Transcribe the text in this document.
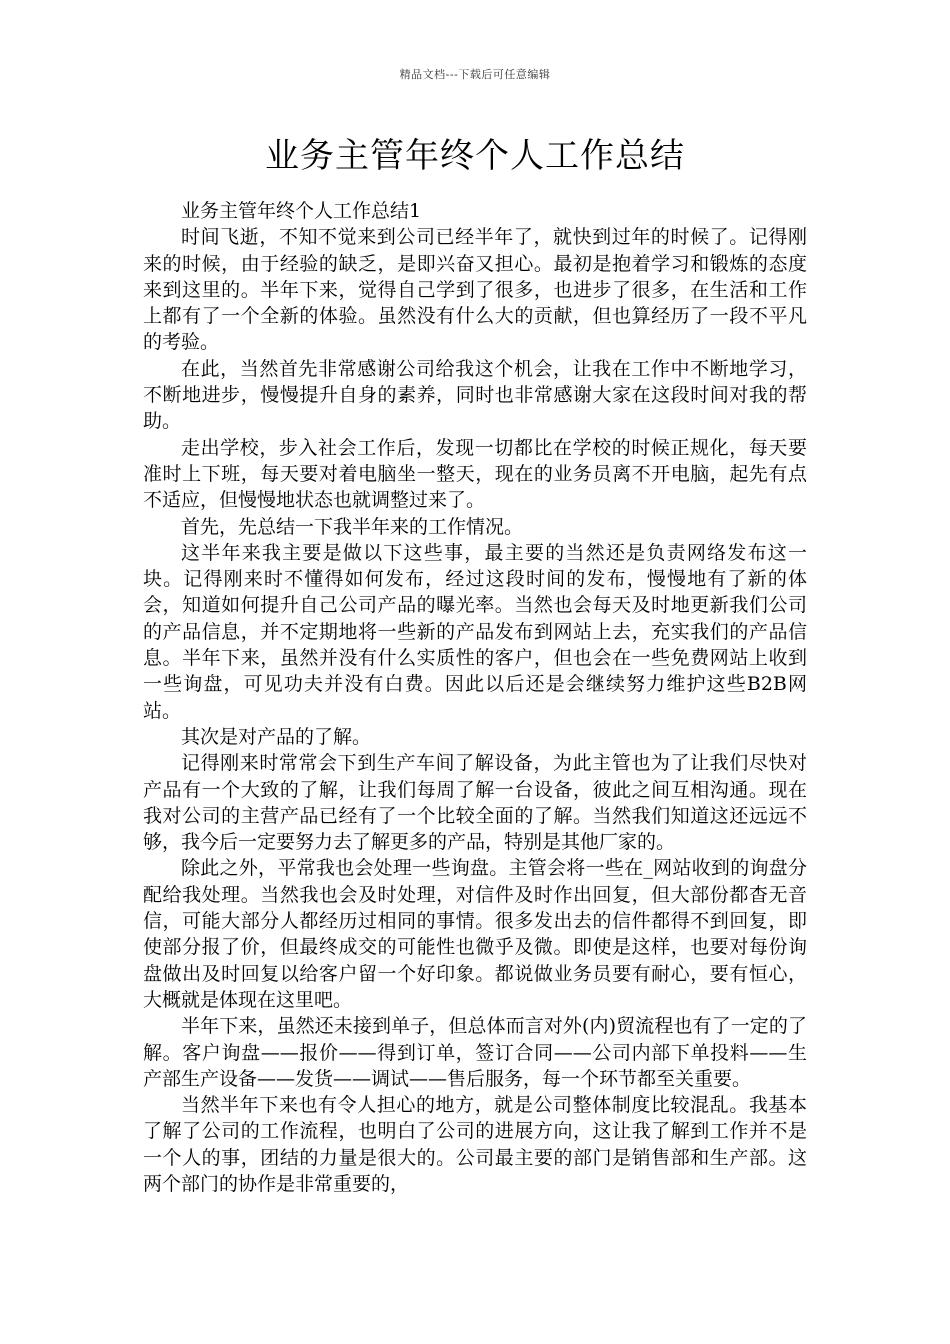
精品文档---下载后可任意编辑
业务主管年终个人工作总结

业务主管年终个人工作总结1

时间飞逝，不知不觉来到公司已经半年了，就快到过年的时候了。记得刚来的时候，由于经验的缺乏，是即兴奋又担心。最初是抱着学习和锻炼的态度来到这里的。半年下来，觉得自己学到了很多，也进步了很多，在生活和工作上都有了一个全新的体验。虽然没有什么大的贡献，但也算经历了一段不平凡的考验。

在此，当然首先非常感谢公司给我这个机会，让我在工作中不断地学习，不断地进步，慢慢提升自身的素养，同时也非常感谢大家在这段时间对我的帮助。

走出学校，步入社会工作后，发现一切都比在学校的时候正规化，每天要准时上下班，每天要对着电脑坐一整天，现在的业务员离不开电脑，起先有点不适应，但慢慢地状态也就调整过来了。

首先，先总结一下我半年来的工作情况。

这半年来我主要是做以下这些事，最主要的当然还是负责网络发布这一块。记得刚来时不懂得如何发布，经过这段时间的发布，慢慢地有了新的体会，知道如何提升自己公司产品的曝光率。当然也会每天及时地更新我们公司的产品信息，并不定期地将一些新的产品发布到网站上去，充实我们的产品信息。半年下来，虽然并没有什么实质性的客户，但也会在一些免费网站上收到一些询盘，可见功夫并没有白费。因此以后还是会继续努力维护这些B2B网站。

其次是对产品的了解。

记得刚来时常常会下到生产车间了解设备，为此主管也为了让我们尽快对产品有一个大致的了解，让我们每周了解一台设备，彼此之间互相沟通。现在我对公司的主营产品已经有了一个比较全面的了解。当然我们知道这还远远不够，我今后一定要努力去了解更多的产品，特别是其他厂家的。

除此之外，平常我也会处理一些询盘。主管会将一些在_网站收到的询盘分配给我处理。当然我也会及时处理，对信件及时作出回复，但大部份都杳无音信，可能大部分人都经历过相同的事情。很多发出去的信件都得不到回复，即使部分报了价，但最终成交的可能性也微乎及微。即使是这样，也要对每份询盘做出及时回复以给客户留一个好印象。都说做业务员要有耐心，要有恒心，大概就是体现在这里吧。

半年下来，虽然还未接到单子，但总体而言对外(内)贸流程也有了一定的了解。客户询盘——报价——得到订单，签订合同——公司内部下单投料——生产部生产设备——发货——调试——售后服务，每一个环节都至关重要。

当然半年下来也有令人担心的地方，就是公司整体制度比较混乱。我基本了解了公司的工作流程，也明白了公司的进展方向，这让我了解到工作并不是一个人的事，团结的力量是很大的。公司最主要的部门是销售部和生产部。这两个部门的协作是非常重要的，
